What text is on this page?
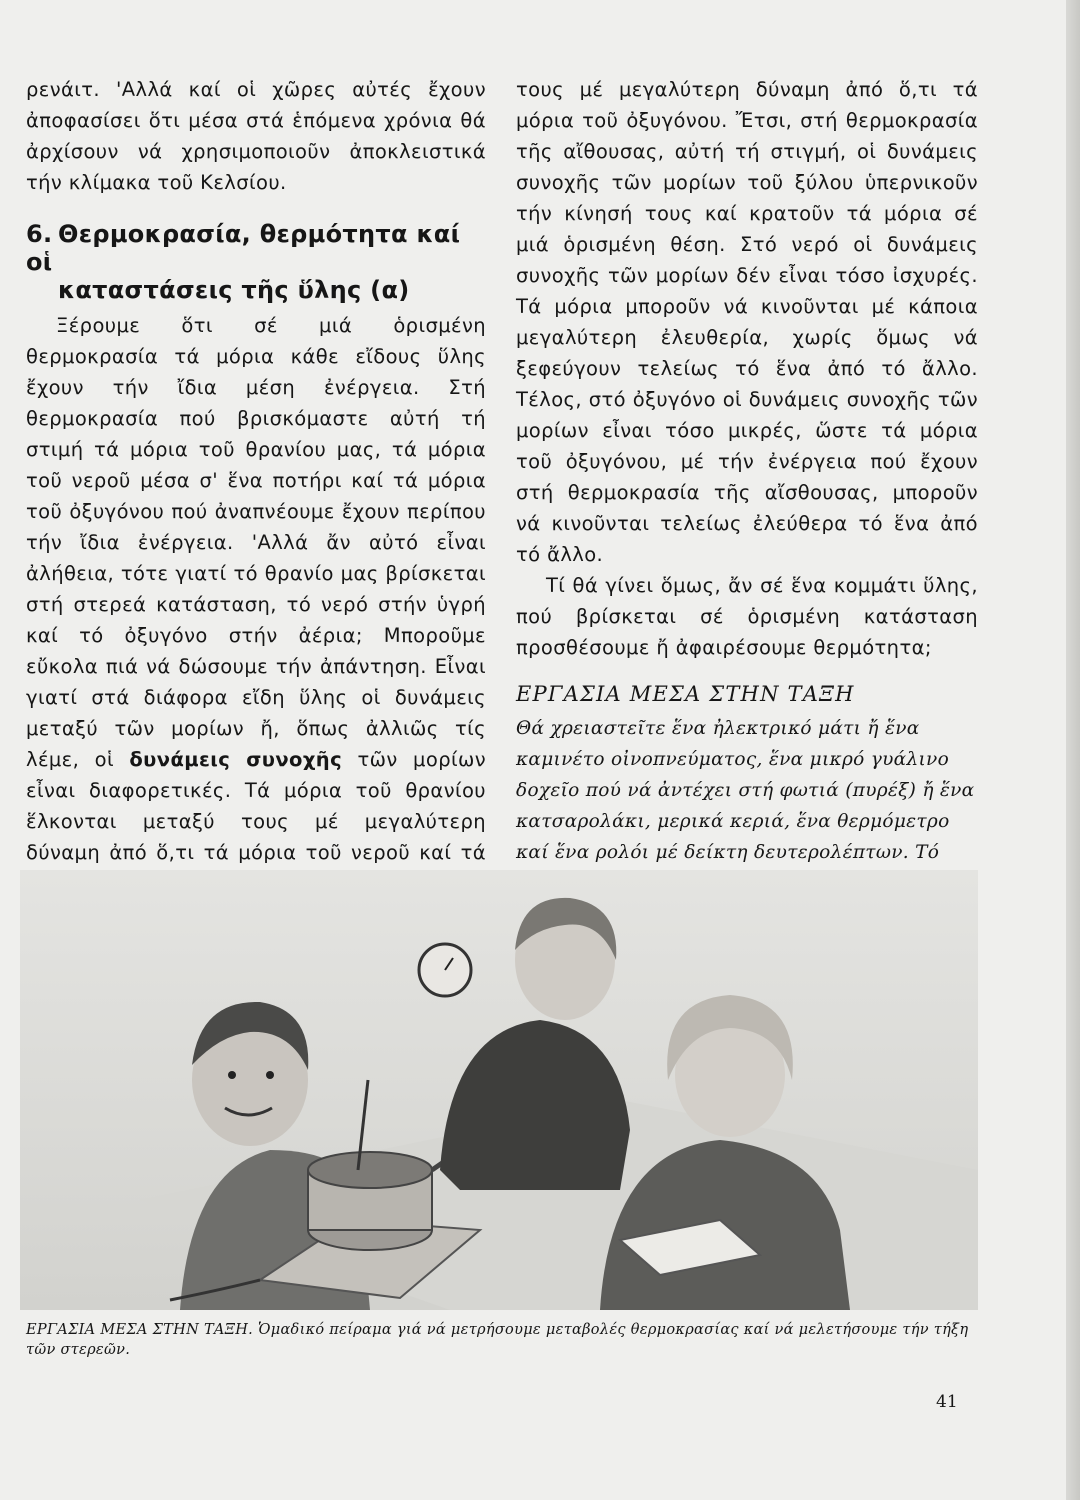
ρενάιτ. 'Αλλά καί οἱ χῶρες αὐτές ἔχουν ἀποφασίσει ὅτι μέσα στά ἑπόμενα χρόνια θά ἀρχίσουν νά χρησιμοποιοῦν ἀποκλειστικά τήν κλίμακα τοῦ Κελσίου.

6. Θερμοκρασία, θερμότητα καί οἱ
καταστάσεις τῆς ὕλης (α)

Ξέρουμε ὅτι σέ μιά ὁρισμένη θερμοκρασία τά μόρια κάθε εἴδους ὕλης ἔχουν τήν ἴδια μέση ἐνέργεια. Στή θερμοκρασία πού βρισκόμαστε αὐτή τή στιμή τά μόρια τοῦ θρανίου μας, τά μόρια τοῦ νεροῦ μέσα σ' ἕνα ποτήρι καί τά μόρια τοῦ ὀξυγόνου πού ἀναπνέουμε ἔχουν περίπου τήν ἴδια ἐνέργεια. 'Αλλά ἄν αὐτό εἶναι ἀλήθεια, τότε γιατί τό θρανίο μας βρίσκεται στή στερεά κατάσταση, τό νερό στήν ὑγρή καί τό ὀξυγόνο στήν ἀέρια; Μποροῦμε εὔκολα πιά νά δώσουμε τήν ἀπάντηση. Εἶναι γιατί στά διάφορα εἴδη ὕλης οἱ δυνάμεις μεταξύ τῶν μορίων ἤ, ὅπως ἀλλιῶς τίς λέμε, οἱ δυνάμεις συνοχῆς τῶν μορίων εἶναι διαφορετικές. Τά μόρια τοῦ θρανίου ἕλκονται μεταξύ τους μέ μεγαλύτερη δύναμη ἀπό ὅ,τι τά μόρια τοῦ νεροῦ καί τά

τους μέ μεγαλύτερη δύναμη ἀπό ὅ,τι τά μόρια τοῦ ὀξυγόνου. Ἔτσι, στή θερμοκρασία τῆς αἴθουσας, αὐτή τή στιγμή, οἱ δυνάμεις συνοχῆς τῶν μορίων τοῦ ξύλου ὑπερνικοῦν τήν κίνησή τους καί κρατοῦν τά μόρια σέ μιά ὁρισμένη θέση. Στό νερό οἱ δυνάμεις συνοχῆς τῶν μορίων δέν εἶναι τόσο ἰσχυρές. Τά μόρια μποροῦν νά κινοῦνται μέ κάποια μεγαλύτερη ἐλευθερία, χωρίς ὅμως νά ξεφεύγουν τελείως τό ἕνα ἀπό τό ἄλλο. Τέλος, στό ὀξυγόνο οἱ δυνάμεις συνοχῆς τῶν μορίων εἶναι τόσο μικρές, ὥστε τά μόρια τοῦ ὀξυγόνου, μέ τήν ἐνέργεια πού ἔχουν στή θερμοκρασία τῆς αἴσθουσας, μποροῦν νά κινοῦνται τελείως ἐλεύθερα τό ἕνα ἀπό τό ἄλλο.

Τί θά γίνει ὅμως, ἄν σέ ἕνα κομμάτι ὕλης, πού βρίσκεται σέ ὁρισμένη κατάσταση προσθέσουμε ἤ ἀφαιρέσουμε θερμότητα;

ΕΡΓΑΣΙΑ ΜΕΣΑ ΣΤΗΝ ΤΑΞΗ

Θά χρειαστεῖτε ἕνα ἠλεκτρικό μάτι ἤ ἕνα καμινέτο οἰνοπνεύματος, ἕνα μικρό γυάλινο δοχεῖο πού νά ἀντέχει στή φωτιά (πυρέξ) ἤ ἕνα κατσαρολάκι, μερικά κεριά, ἕνα θερμόμετρο καί ἕνα ρολόι μέ δείκτη δευτερολέπτων. Τό

ΕΡΓΑΣΙΑ ΜΕΣΑ ΣΤΗΝ ΤΑΞΗ. Ὁμαδικό πείραμα γιά νά μετρήσουμε μεταβολές θερμοκρασίας καί νά μελετήσουμε τήν τήξη τῶν στερεῶν.
41
